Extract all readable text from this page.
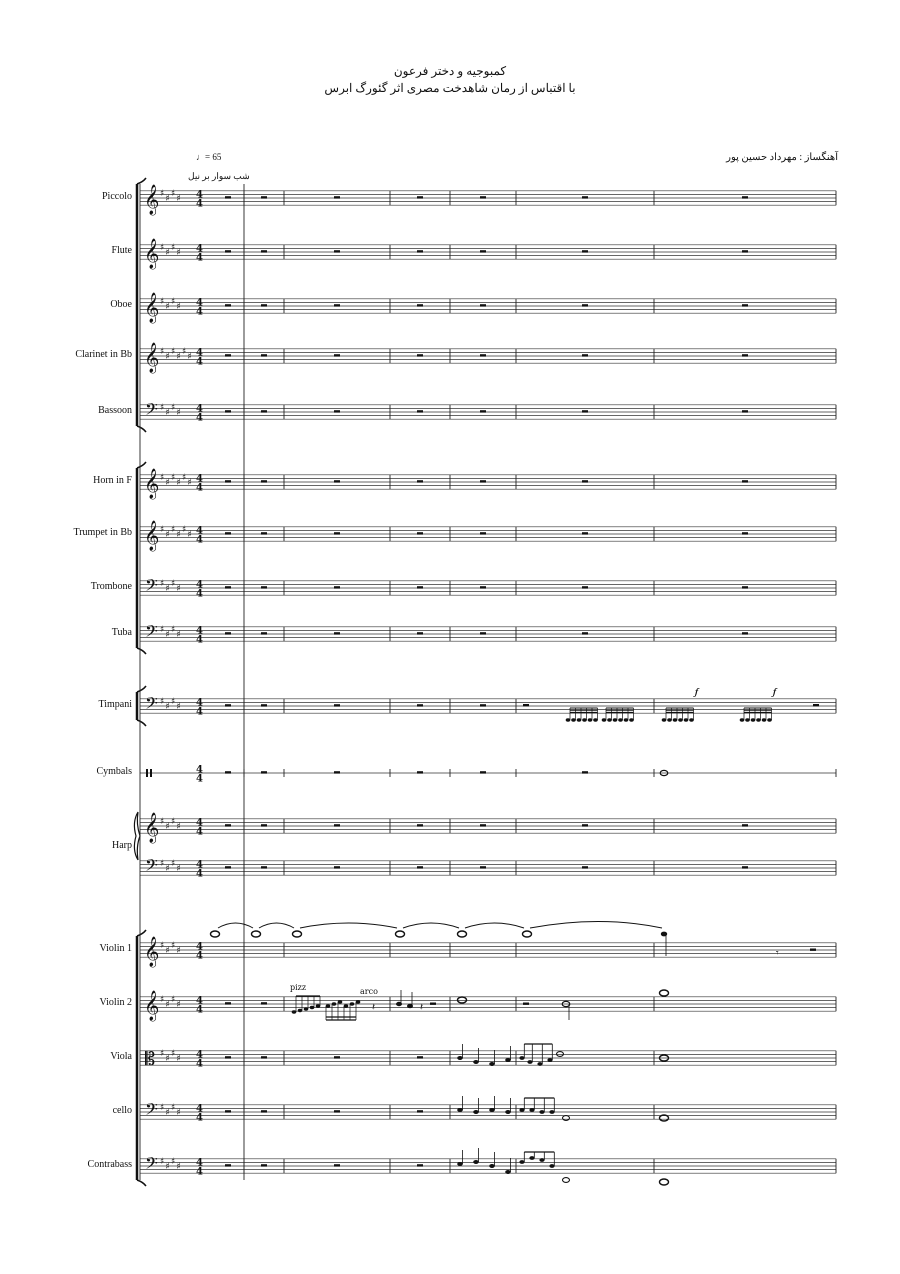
کمبوجیه و دختر فرعون
با اقتباس از رمان شاهدخت مصری اثر گئورگ ابرس
آهنگساز : مهرداد حسین پور
♩= 65
شب سوار بر نیل
Piccolo
Flute
Oboe
Clarinet in Bb
Bassoon
Horn in F
Trumpet in Bb
Trombone
Tuba
Timpani
Cymbals
Harp
Violin 1
Violin 2
Viola
cello
Contrabass
𝄞 ♯ ♯ ♯ ♯ 4
4
𝄞 ♯ ♯ ♯ ♯ 4
4
𝄞 ♯ ♯ ♯ ♯ 4
4
𝄞 ♯ ♯ ♯ ♯ ♯ ♯ 4
4
𝄢 ♯ ♯ ♯ ♯ 4
4
𝄞 ♯ ♯ ♯ ♯ ♯ ♯ 4
4
𝄞 ♯ ♯ ♯ ♯ ♯ ♯ 4
4
𝄢 ♯ ♯ ♯ ♯ 4
4
𝄢 ♯ ♯ ♯ ♯ 4
4
𝄢 ♯ ♯ ♯ ♯ 4
4
4
4
𝄞 ♯ ♯ ♯ ♯ 4
4
𝄢 ♯ ♯ ♯ ♯ 4
4
𝄞 ♯ ♯ ♯ ♯ 4
4
𝄞 ♯ ♯ ♯ ♯ 4
4
𝄡 ♯ ♯ ♯ ♯ 4
4
𝄢 ♯ ♯ ♯ ♯ 4
4
𝄢 ♯ ♯ ♯ ♯ 4
4
𝆑	𝆑
𝄾
pizz	arco
𝄽	𝄽
